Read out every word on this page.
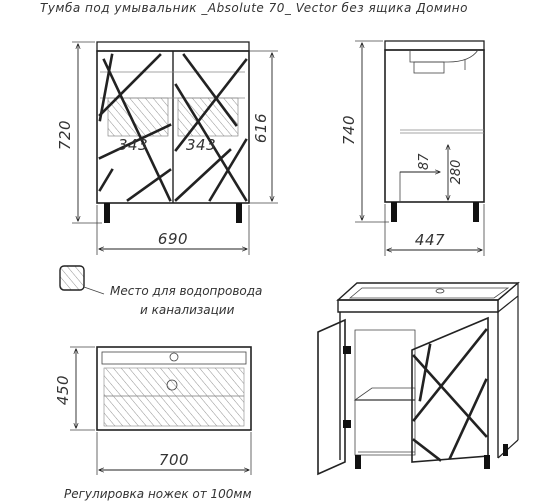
Тумба под умывальник _Absolute 70_ Vector без ящика Домино
343	343
720	616
690
87 280
740
447
Место для водопровода
и канализации
450
700
Регулировка ножек от 100мм
